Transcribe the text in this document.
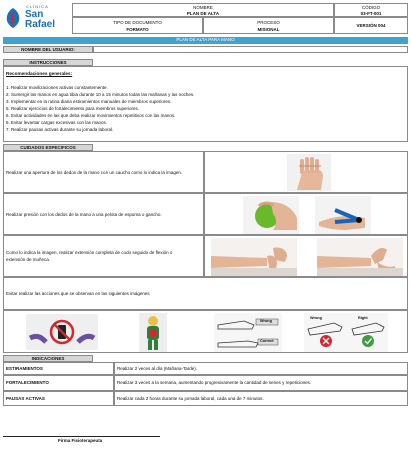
CLÍNICA
San
Rafael
NOMBRE
PLAN DE ALTA
CÓDIGO
03-FT-001
TIPO DE DOCUMENTO
FORMATO
PROCESO
MISIONAL
VERSIÓN 004
PLAN DE ALTA PARA MANO
NOMBRE DEL USUARIO:
INSTRUCCIONES
Recomendaciones generales:
1. Realizar movilizaciones activas constantemente.
2. Sumergir las manos en agua tibia durante 10 a 15 minutos todas las mañanas y las noches.
3. Implementar en la rutina diaria estiramientos manuales de miembros superiores.
5. Realizar ejercicios de fortalecimiento para miembros superiores.
6. Evitar actividades en las que deba realizar movimientos repetitivos con las manos.
6. Evitar levantar cargas excesivas con las manos.
7. Realizar pausas activas durante su jornada laboral.
CUIDADOS ESPECIFICOS
Realizar una apertura de los dedos de la mano con un caucho como lo indica la imagen.
Realizar presión con los dedos de la mano a una pelota de espuma o gancho.
Como lo indica la imagen, realizar extensión completa de codo seguido de flexión o
extensión de muñeca.
Evitar realizar las acciones que se observan en las siguientes imágenes
Wrong
Correct
Wrong	Right
INDICACIONES
ESTIRAMIENTOS	Realizar 2 veces al día (Mañana-Tarde).
FORTALECIMIENTO	Realizar 3 veces a la semana, aumentando progresivamente la cantidad de series y repeticiones.
PAUSAS ACTIVAS	Realizar cada 2 horas durante su jornada laboral, cada una de 7 minutos.
Firma Fisioterapeuta
